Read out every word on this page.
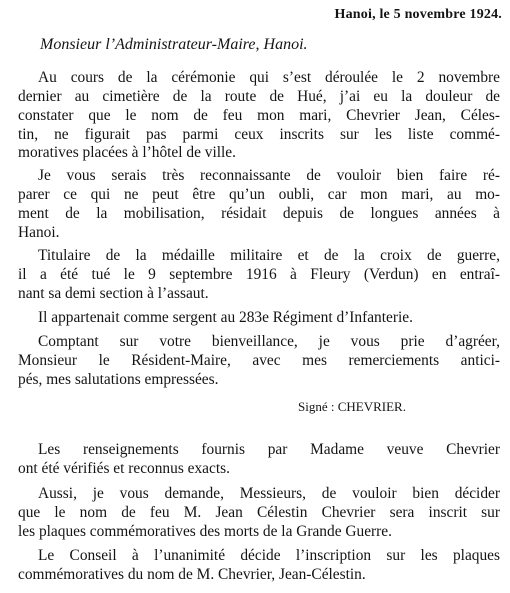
Hanoi, le 5 novembre 1924.
Monsieur l’Administrateur-Maire, Hanoi.
Au cours de la cérémonie qui s’est déroulée le 2 novembre
dernier au cimetière de la route de Hué, j’ai eu la douleur de
constater que le nom de feu mon mari, Chevrier Jean, Céles-
tin, ne figurait pas parmi ceux inscrits sur les liste commé-
moratives placées à l’hôtel de ville.
Je vous serais très reconnaissante de vouloir bien faire ré-
parer ce qui ne peut être qu’un oubli, car mon mari, au mo-
ment de la mobilisation, résidait depuis de longues années à
Hanoi.
Titulaire de la médaille militaire et de la croix de guerre,
il a été tué le 9 septembre 1916 à Fleury (Verdun) en entraî-
nant sa demi section à l’assaut.
Il appartenait comme sergent au 283e Régiment d’Infanterie.
Comptant sur votre bienveillance, je vous prie d’agréer,
Monsieur le Résident-Maire, avec mes remerciements antici-
pés, mes salutations empressées.
Signé : CHEVRIER.
Les renseignements fournis par Madame veuve Chevrier
ont été vérifiés et reconnus exacts.
Aussi, je vous demande, Messieurs, de vouloir bien décider
que le nom de feu M. Jean Célestin Chevrier sera inscrit sur
les plaques commémoratives des morts de la Grande Guerre.
Le Conseil à l’unanimité décide l’inscription sur les plaques
commémoratives du nom de M. Chevrier, Jean-Célestin.
